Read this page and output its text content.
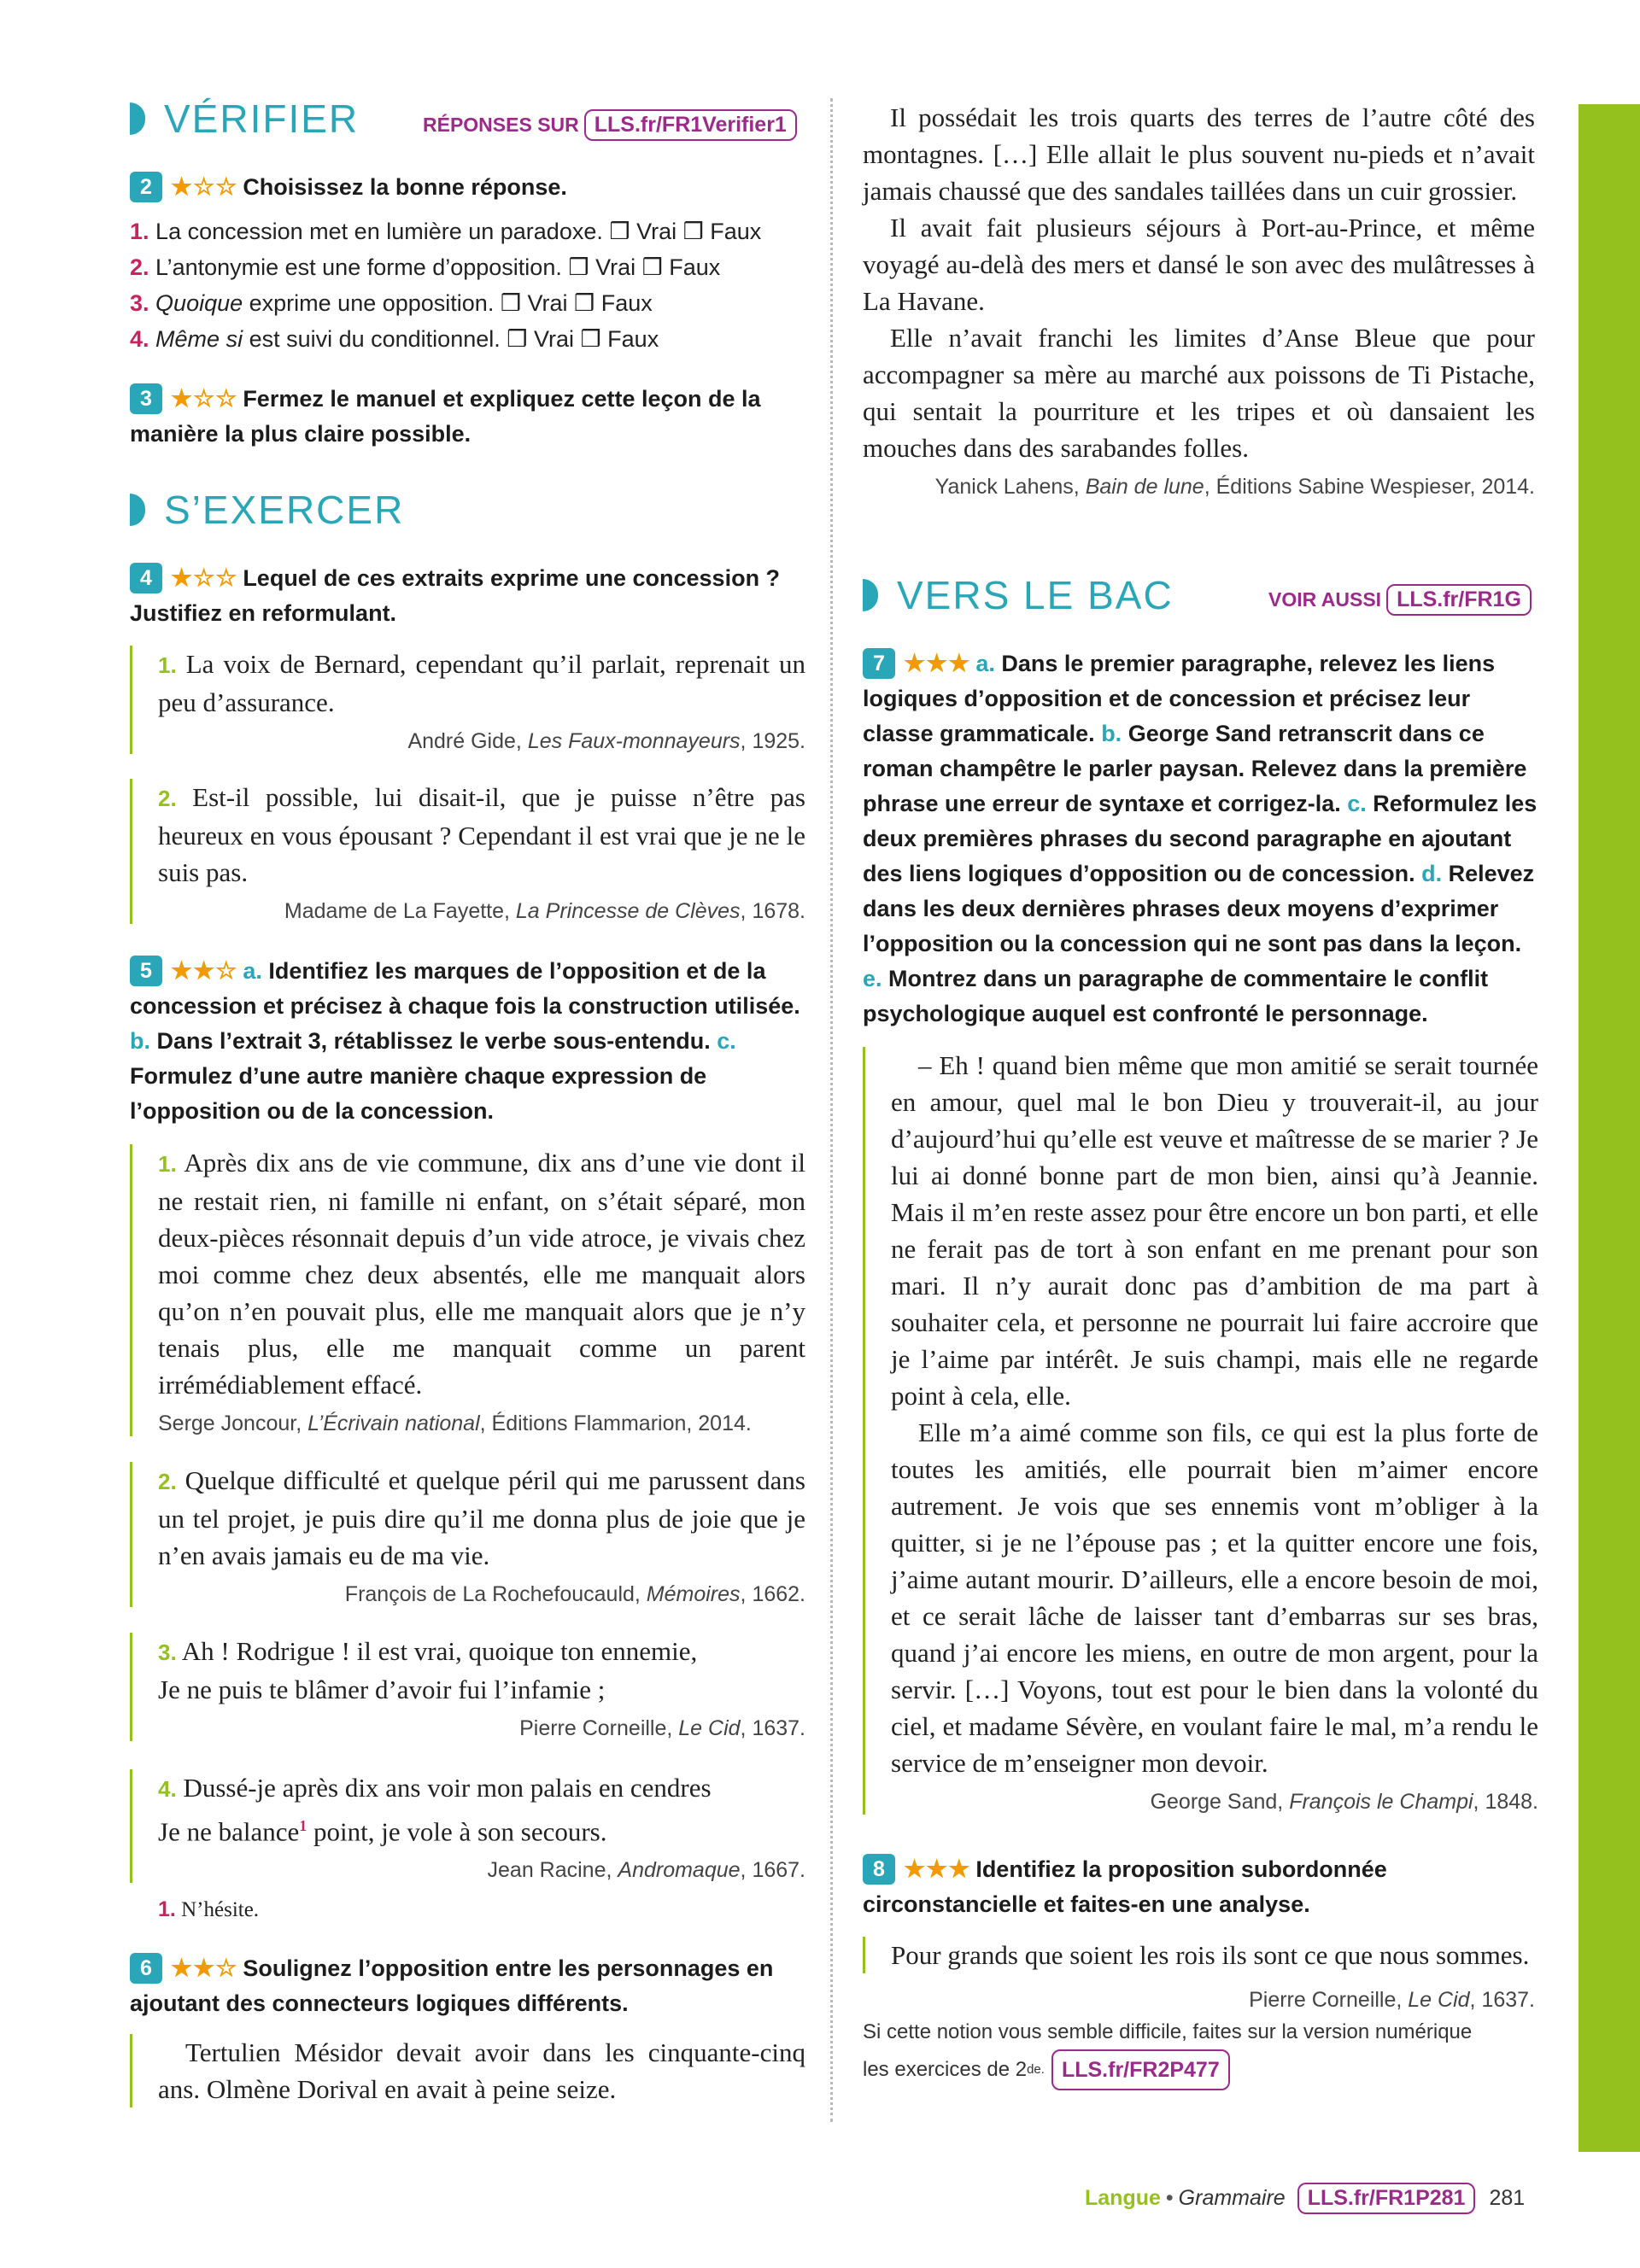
VÉRIFIER	RÉPONSES SUR LLS.fr/FR1Verifier1
2 ★☆☆ Choisissez la bonne réponse.
1. La concession met en lumière un paradoxe. ❒ Vrai ❒ Faux
2. L’antonymie est une forme d’opposition. ❒ Vrai ❒ Faux
3. Quoique exprime une opposition. ❒ Vrai ❒ Faux
4. Même si est suivi du conditionnel. ❒ Vrai ❒ Faux
3 ★☆☆ Fermez le manuel et expliquez cette leçon de la manière la plus claire possible.
S’EXERCER
4 ★☆☆ Lequel de ces extraits exprime une concession ? Justifiez en reformulant.
1. La voix de Bernard, cependant qu’il parlait, reprenait un peu d’assurance.
André Gide, Les Faux-monnayeurs, 1925.
2. Est-il possible, lui disait-il, que je puisse n’être pas heureux en vous épousant ? Cependant il est vrai que je ne le suis pas.
Madame de La Fayette, La Princesse de Clèves, 1678.
5 ★★☆ a. Identifiez les marques de l’opposition et de la concession et précisez à chaque fois la construction utilisée. b. Dans l’extrait 3, rétablissez le verbe sous-entendu. c. Formulez d’une autre manière chaque expression de l’opposition ou de la concession.
1. Après dix ans de vie commune, dix ans d’une vie dont il ne restait rien, ni famille ni enfant, on s’était séparé, mon deux-pièces résonnait depuis d’un vide atroce, je vivais chez moi comme chez deux absentés, elle me manquait alors qu’on n’en pouvait plus, elle me manquait alors que je n’y tenais plus, elle me manquait comme un parent irrémédiablement effacé.
Serge Joncour, L’Écrivain national, Éditions Flammarion, 2014.
2. Quelque difficulté et quelque péril qui me parussent dans un tel projet, je puis dire qu’il me donna plus de joie que je n’en avais jamais eu de ma vie.
François de La Rochefoucauld, Mémoires, 1662.
3. Ah ! Rodrigue ! il est vrai, quoique ton ennemie,
Je ne puis te blâmer d’avoir fui l’infamie ;
Pierre Corneille, Le Cid, 1637.
4. Dussé-je après dix ans voir mon palais en cendres
Je ne balance$^1$ point, je vole à son secours.
Jean Racine, Andromaque, 1667.
1. N’hésite.
6 ★★☆ Soulignez l’opposition entre les personnages en ajoutant des connecteurs logiques différents.
Tertulien Mésidor devait avoir dans les cinquante-cinq ans. Olmène Dorival en avait à peine seize.
Il possédait les trois quarts des terres de l’autre côté des montagnes. […] Elle allait le plus souvent nu-pieds et n’avait jamais chaussé que des sandales taillées dans un cuir grossier.
Il avait fait plusieurs séjours à Port-au-Prince, et même voyagé au-delà des mers et dansé le son avec des mulâtresses à La Havane.
Elle n’avait franchi les limites d’Anse Bleue que pour accompagner sa mère au marché aux poissons de Ti Pistache, qui sentait la pourriture et les tripes et où dansaient les mouches dans des sarabandes folles.
Yanick Lahens, Bain de lune, Éditions Sabine Wespieser, 2014.
VERS LE BAC	VOIR AUSSI LLS.fr/FR1G
7 ★★★ a. Dans le premier paragraphe, relevez les liens logiques d’opposition et de concession et précisez leur classe grammaticale. b. George Sand retranscrit dans ce roman champêtre le parler paysan. Relevez dans la première phrase une erreur de syntaxe et corrigez-la. c. Reformulez les deux premières phrases du second paragraphe en ajoutant des liens logiques d’opposition ou de concession. d. Relevez dans les deux dernières phrases deux moyens d’exprimer l’opposition ou la concession qui ne sont pas dans la leçon. e. Montrez dans un paragraphe de commentaire le conflit psychologique auquel est confronté le personnage.
– Eh ! quand bien même que mon amitié se serait tournée en amour, quel mal le bon Dieu y trouverait-il, au jour d’aujourd’hui qu’elle est veuve et maîtresse de se marier ? Je lui ai donné bonne part de mon bien, ainsi qu’à Jeannie. Mais il m’en reste assez pour être encore un bon parti, et elle ne ferait pas de tort à son enfant en me prenant pour son mari. Il n’y aurait donc pas d’ambition de ma part à souhaiter cela, et personne ne pourrait lui faire accroire que je l’aime par intérêt. Je suis champi, mais elle ne regarde point à cela, elle.
Elle m’a aimé comme son fils, ce qui est la plus forte de toutes les amitiés, elle pourrait bien m’aimer encore autrement. Je vois que ses ennemis vont m’obliger à la quitter, si je ne l’épouse pas ; et la quitter encore une fois, j’aime autant mourir. D’ailleurs, elle a encore besoin de moi, et ce serait lâche de laisser tant d’embarras sur ses bras, quand j’ai encore les miens, en outre de mon argent, pour la servir. […] Voyons, tout est pour le bien dans la volonté du ciel, et madame Sévère, en voulant faire le mal, m’a rendu le service de m’enseigner mon devoir.
George Sand, François le Champi, 1848.
8 ★★★ Identifiez la proposition subordonnée circonstancielle et faites-en une analyse.
Pour grands que soient les rois ils sont ce que nous sommes.
Pierre Corneille, Le Cid, 1637.
Si cette notion vous semble difficile, faites sur la version numérique
les exercices de 2 de. LLS.fr/FR2P477
Langue • Grammaire	LLS.fr/FR1P281	281
